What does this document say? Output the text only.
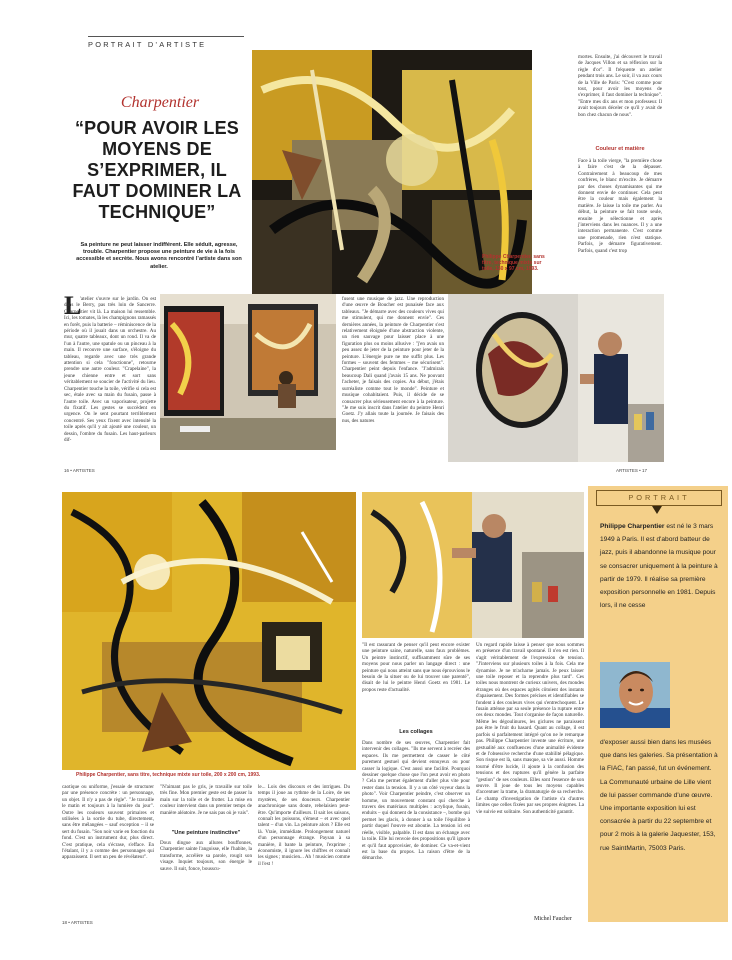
PORTRAIT D'ARTISTE
Charpentier
“POUR AVOIR LES MOYENS DE S’EXPRIMER, IL FAUT DOMINER LA TECHNIQUE”
Sa peinture ne peut laisser indifférent. Elle séduit, agresse, trouble. Charpentier propose une peinture de vie à la fois accessible et secrète. Nous avons rencontré l’artiste dans son atelier.
Philippe Charpentier, sans titre, technique mixte sur toile, 130 x 97 cm, 1993.
mortes. Ensuite, j'ai découvert le travail de Jacques Villon et sa réflexion sur la règle d'or". Il fréquente un atelier pendant trois ans. Le soir, il va aux cours de la Ville de Paris: "C'est comme pour tout, pour avoir les moyens de s'exprimer, il faut dominer la technique". "Entre mes dix ans et mon professeur. Il avait toujours déceler ce qu'il y avait de bon chez chacun de nous".
Couleur et matière
Face à la toile vierge, "la première chose à faire c'est de la dépasser. Contrairement à beaucoup de mes confrères, le blanc m'excite. Je démarre par des choses dynamisantes qui me donnent envie de continuer. Cela peut être la couleur mais également la matière. Je laisse la toile me parler. Au début, la peinture se fait toute seule, ensuite je sélectionne et après j'interviens dans les nuances. Il y a une interaction permanente. C'est comme une promenade, rien n'est statique. Parfois, je démarre figurativement. Parfois, quand c'est trop
L
'atelier s'ouvre sur le jardin. On est dans le Berry, pas très loin de Sancerre. Charpentier vit là. La maison lui ressemble. Ici, les tomates, là les champignons ramassés en forêt, puis la batterie – réminiscence de la période où il jouait dans un orchestre. Au mur, quatre tableaux, dont un rond. Il va de l'un à l'autre, une spatule ou un pinceau à la main. Il recouvre une surface, s'éloigne du tableau, regarde avec une très grande attention si cela "fonctionne", retourne prendre une autre couleur. "Crapelaine", la jeune chienne entre et sort sans véritablement se soucier de l'activité du lieu. Charpentier touche la toile, vérifie si cela est sec, étale avec sa main du fusain, passe à l'autre toile. Avec un vaporisateur, projette du fixatif. Les gestes se succèdent en urgence. On le sent pourtant terriblement concentré. Ses yeux fixent avec intensité la toile après qu'il y ait ajouté une couleur, un dessin, l'ombre du fusain. Les haut-parleurs dif-
fusent une musique de jazz. Une reproduction d'une œuvre de Boucher est punaisée face aux tableaux. "Je démarre avec des couleurs vives qui me stimulent, qui me donnent envie". Ces dernières années, la peinture de Charpentier s'est relativement éloignée d'une abstraction violente, un rien sauvage pour laisser place à une figuration plus ou moins allusive : "j'en avais un peu assez de jeter de la peinture pour jeter de la peinture. L'énergie pure ne me suffit plus. Les formes – souvent des femmes – me sécurisent". Charpentier peint depuis l'enfance. "J'admirais beaucoup Dali quand j'avais 15 ans. Ne pouvant l'acheter, je faisais des copies. Au début, j'étais surréaliste comme tout le monde". Peinture et musique cohabitaient. Puis, il décide de se consacrer plus sérieusement encore à la peinture. "Je me suis inscrit dans l'atelier du peintre Henri Goetz. J'y allais toute la journée. Je faisais des nus, des natures
16 • ARTISTES	ARTISTES • 17
Philippe Charpentier, sans titre, technique mixte sur toile, 200 x 200 cm, 1993.
"Il est rassurant de penser qu'il peut encore exister une peinture saine, naturelle, sans faux problèmes. Un peintre instinctif, suffisamment sûre de ses moyens pour nous parler un langage direct : une peinture qui nous atteint sans que nous éprouvions le besoin de la situer ou de lui trouver une parenté", disait de lui le peintre Henri Goetz en 1981. Le propos reste d'actualité.
Les collages
Dans nombre de ses œuvres, Charpentier fait intervenir des collages. "Ils me servent à recréer des espaces. Ils me permettent de casser le côté purement gestuel qui devient ennuyeux ou pour casser la logique. C'est aussi une facilité. Pourquoi dessiner quelque chose que l'on peut avoir en photo ? Cela me permet également d'aller plus vite pour rester dans la tension. Il y a un côté voyeur dans la photo". Voir Charpentier peindre, c'est observer un homme, un mouvement constant qui cherche à travers des matériaux multiples : acrylique, fusain, enduits – qui donnent de la consistance –, bombe qui permet les glacis, à donner à sa toile l'équilibre à partir duquel l'œuvre est aboutie. La tension ici est réelle, visible, palpable. Il est dans un échange avec la toile. Elle lui renvoie des propositions qu'il ignore et qu'il faut approvisier, de dominer. Ce va-et-vient est la base du propos. La raison d'être de la démarche.
Un regard rapide laisse à penser que nous sommes en présence d'un travail spontané. Il n'en est rien. Il s'agit véritablement de l'expression de tension. "J'interviens sur plusieurs toiles à la fois. Cela me dynamise. Je ne m'acharne jamais. Je peux laisser une toile reposer et la reprendre plus tard". Ces toiles nous montrent de curieux univers, des mondes étranges où des espaces agités côtoient des instants d'apaisement. Des formes précises et identifiables se fondent à des couleurs vives qui s'entrechoquent. Le fusain atténue par sa seule présence la rupture entre ces deux mondes. Tout s'organise de façon naturelle. Même les dégoulinures, les giclures ne paraissent pas être le fruit du hasard. Quant au collage, il est parfois si parfaitement intégré qu'on ne le remarque pas. Philippe Charpentier invente une écriture, une gestualité aux confluences d'une animalité évidente et de l'obsessive recherche d'une stabilité pélagique. Son risque est là, sans masque, sa vie aussi. Homme tourné d'être lucide, il ajoute à la confusion des tensions et des ruptures qu'il génère la parfaite "gestion" de ses couleurs. Elles sont l'essence de son œuvre. Il joue de tous les moyens capables d'accentuer la trame, la dramaturgie de sa recherche. Le champ d'investigation de l'artiste s'a d'autres limites que celles fixées par ses propres énigmes. La vie suivie est solitaire. Son authenticité garantit.
Michel Faucher
caotique ou uniforme, j'essaie de structurer par une présence concrète : un personnage, un objet. Il n'y a pas de règle". "Je travaille le matin et toujours à la lumière du jour". Outre les couleurs souvent primaires et utilisées à la sortie du tube, directement, sans être mélangées – sauf exception – il se sert du fusain. "Son noir varie en fonction du fond. C'est un instrument dur, plus direct. C'est pratique, cela s'écrase, s'efface. En l'étalant, il y a comme des personnages qui apparaissent. Il sert un peu de révélateur".
"N'aimant pas le gris, je travaille sur toile très fine. Mon premier geste est de passer la main sur la toile et de frotter. La mise en couleur intervient dans un premier temps de manière aléatoire. Je ne sais pas où je vais".
"Une peinture instinctive"
Doux dingue aux allures bouffonnes, Charpentier sainte l'angoisse, elle l'habite, la transforme, accélère sa parole, rougit son visage. Inquiet toujours, son énergie le sauve. Il suit, fonce, bousscu-
le... Lois des discours et des intrigues. Du temps il joue au rythme de la Loire, de ses mystères, de ses douceurs. Charpentier anachronique sans doute, rebelaisien peut-être. Qu'importe d'ailleurs. Il sait les saisons, connaît les poissons, s'émeut – et avec quel talent – d'un vin. La peinture alors ? Elle est là. Vraie, immédiate. Prolongement naturel d'un personnage étrange. Paysan à sa manière, il bante la peinture, l'exprime ; économiste, il ignore les chiffres et connaît les signes ; musicien... Ah ! musicien comme il l'est !
18 • ARTISTES
PORTRAIT
Philippe Charpentier est né le 3 mars 1949 à Paris. Il est d'abord batteur de jazz, puis il abandonne la musique pour se consacrer uniquement à la peinture à partir de 1979. Il réalise sa première exposition personnelle en 1981. Depuis lors, il ne cesse
d'exposer aussi bien dans les musées que dans les galeries. Sa présentation à la FIAC, l'an passé, fut un événement. La Communauté urbaine de Lille vient de lui passer commande d'une œuvre. Une importante exposition lui est consacrée à partir du 22 septembre et pour 2 mois à la galerie Jaquester, 153, rue SaintMartin, 75003 Paris.
